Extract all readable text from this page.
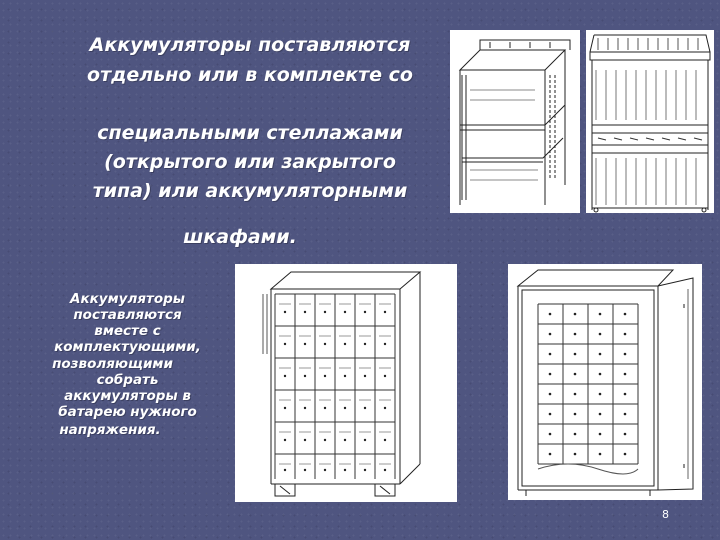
Аккумуляторы поставляются
отдельно или в комплекте со
специальными стеллажами
(открытого или закрытого
типа) или аккумуляторными
шкафами.
Аккумуляторы
поставляются
вместе с
комплектующими,
позволяющими
собрать
аккумуляторы в
батарею нужного
напряжения.
8
